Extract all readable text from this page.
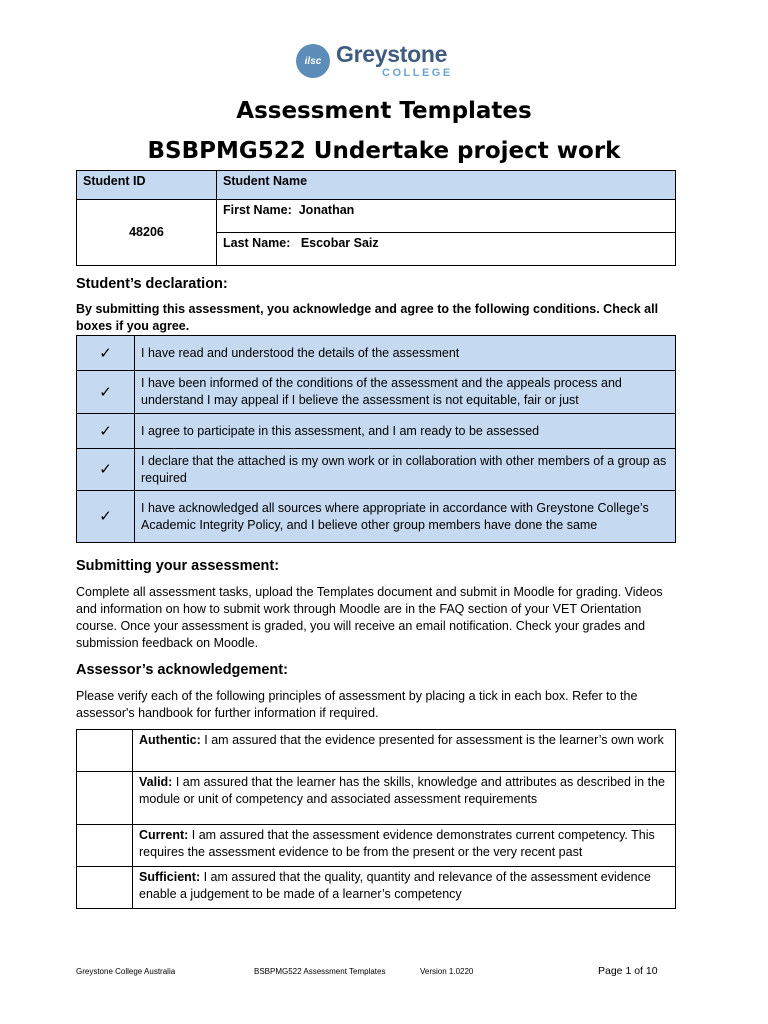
ilsc Greystone
COLLEGE
Assessment Templates
BSBPMG522 Undertake project work
Student ID	Student Name
48206	First Name: Jonathan
	Last Name: Escobar Saiz
Student’s declaration:
By submitting this assessment, you acknowledge and agree to the following conditions. Check all boxes if you agree.
✓	I have read and understood the details of the assessment
✓	I have been informed of the conditions of the assessment and the appeals process and understand I may appeal if I believe the assessment is not equitable, fair or just
✓	I agree to participate in this assessment, and I am ready to be assessed
✓	I declare that the attached is my own work or in collaboration with other members of a group as required
✓	I have acknowledged all sources where appropriate in accordance with Greystone College’s Academic Integrity Policy, and I believe other group members have done the same
Submitting your assessment:
Complete all assessment tasks, upload the Templates document and submit in Moodle for grading. Videos and information on how to submit work through Moodle are in the FAQ section of your VET Orientation course. Once your assessment is graded, you will receive an email notification. Check your grades and submission feedback on Moodle.
Assessor’s acknowledgement:
Please verify each of the following principles of assessment by placing a tick in each box. Refer to the assessor's handbook for further information if required.
	Authentic: I am assured that the evidence presented for assessment is the learner’s own work
	Valid: I am assured that the learner has the skills, knowledge and attributes as described in the module or unit of competency and associated assessment requirements
	Current: I am assured that the assessment evidence demonstrates current competency. This requires the assessment evidence to be from the present or the very recent past
	Sufficient: I am assured that the quality, quantity and relevance of the assessment evidence enable a judgement to be made of a learner’s competency
Greystone College Australia	BSBPMG522 Assessment Templates	Version 1.0220	Page 1 of 10
